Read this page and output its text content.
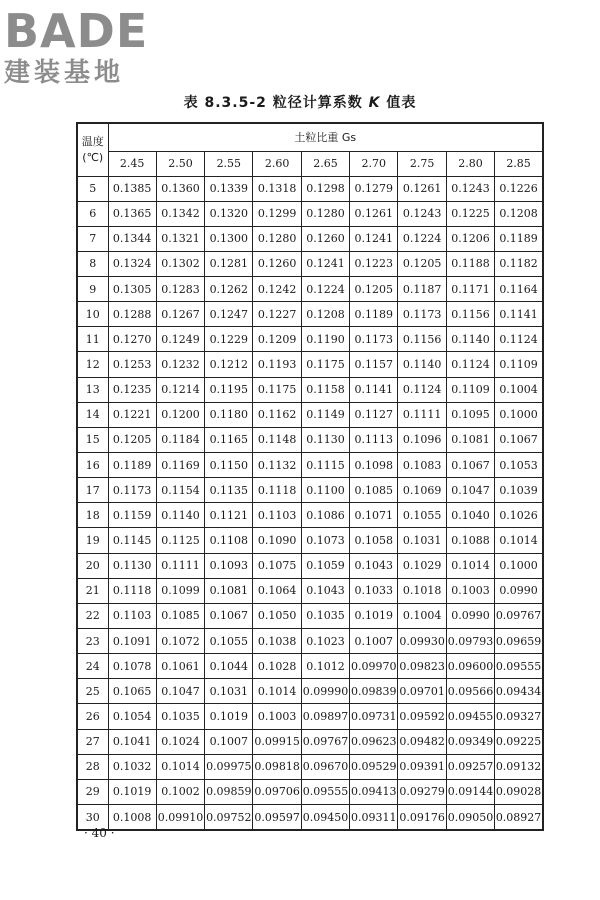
BADE
建装基地
表 8.3.5-2 粒径计算系数 K 值表
温度
(℃)	土粒比重 Gs								
	2.45	2.50	2.55	2.60	2.65	2.70	2.75	2.80	2.85
5	0.1385	0.1360	0.1339	0.1318	0.1298	0.1279	0.1261	0.1243	0.1226
6	0.1365	0.1342	0.1320	0.1299	0.1280	0.1261	0.1243	0.1225	0.1208
7	0.1344	0.1321	0.1300	0.1280	0.1260	0.1241	0.1224	0.1206	0.1189
8	0.1324	0.1302	0.1281	0.1260	0.1241	0.1223	0.1205	0.1188	0.1182
9	0.1305	0.1283	0.1262	0.1242	0.1224	0.1205	0.1187	0.1171	0.1164
10	0.1288	0.1267	0.1247	0.1227	0.1208	0.1189	0.1173	0.1156	0.1141
11	0.1270	0.1249	0.1229	0.1209	0.1190	0.1173	0.1156	0.1140	0.1124
12	0.1253	0.1232	0.1212	0.1193	0.1175	0.1157	0.1140	0.1124	0.1109
13	0.1235	0.1214	0.1195	0.1175	0.1158	0.1141	0.1124	0.1109	0.1004
14	0.1221	0.1200	0.1180	0.1162	0.1149	0.1127	0.1111	0.1095	0.1000
15	0.1205	0.1184	0.1165	0.1148	0.1130	0.1113	0.1096	0.1081	0.1067
16	0.1189	0.1169	0.1150	0.1132	0.1115	0.1098	0.1083	0.1067	0.1053
17	0.1173	0.1154	0.1135	0.1118	0.1100	0.1085	0.1069	0.1047	0.1039
18	0.1159	0.1140	0.1121	0.1103	0.1086	0.1071	0.1055	0.1040	0.1026
19	0.1145	0.1125	0.1108	0.1090	0.1073	0.1058	0.1031	0.1088	0.1014
20	0.1130	0.1111	0.1093	0.1075	0.1059	0.1043	0.1029	0.1014	0.1000
21	0.1118	0.1099	0.1081	0.1064	0.1043	0.1033	0.1018	0.1003	0.0990
22	0.1103	0.1085	0.1067	0.1050	0.1035	0.1019	0.1004	0.0990	0.09767
23	0.1091	0.1072	0.1055	0.1038	0.1023	0.1007	0.09930	0.09793	0.09659
24	0.1078	0.1061	0.1044	0.1028	0.1012	0.09970	0.09823	0.09600	0.09555
25	0.1065	0.1047	0.1031	0.1014	0.09990	0.09839	0.09701	0.09566	0.09434
26	0.1054	0.1035	0.1019	0.1003	0.09897	0.09731	0.09592	0.09455	0.09327
27	0.1041	0.1024	0.1007	0.09915	0.09767	0.09623	0.09482	0.09349	0.09225
28	0.1032	0.1014	0.09975	0.09818	0.09670	0.09529	0.09391	0.09257	0.09132
29	0.1019	0.1002	0.09859	0.09706	0.09555	0.09413	0.09279	0.09144	0.09028
30	0.1008	0.09910	0.09752	0.09597	0.09450	0.09311	0.09176	0.09050	0.08927
· 40 ·
